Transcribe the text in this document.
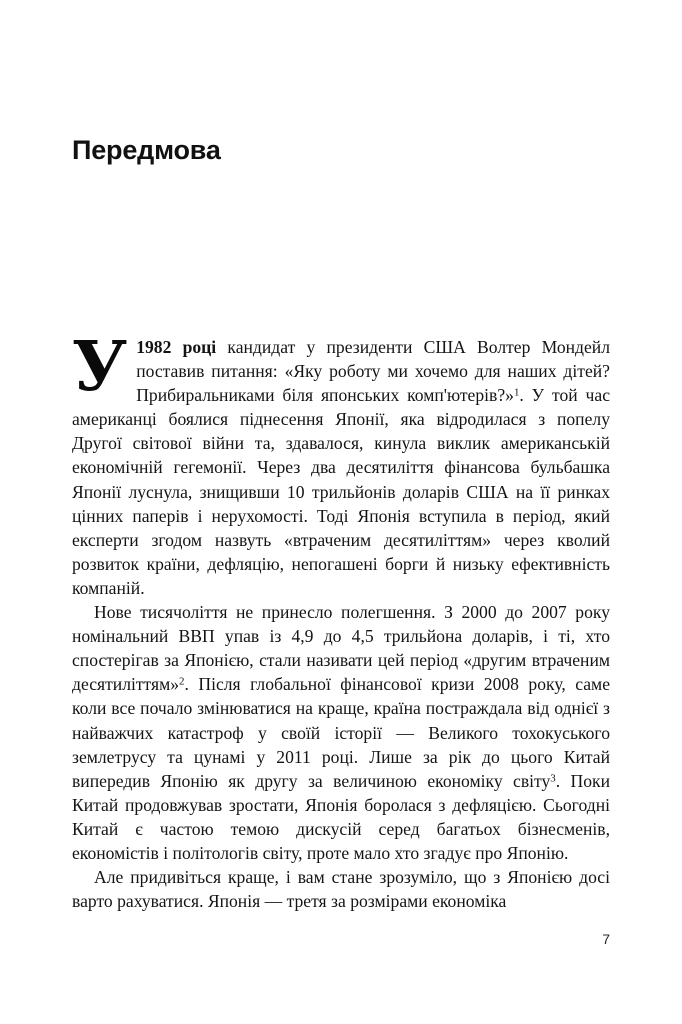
Передмова

У 1982 році кандидат у президенти США Волтер Мондейл поставив питання: «Яку роботу ми хочемо для наших дітей? Прибиральниками біля японських комп'ютерів?»$^1$. У той час американці боялися піднесення Японії, яка відродилася з попелу Другої світової війни та, здавалося, кинула виклик американській економічній гегемонії. Через два десятиліття фінансова бульбашка Японії луснула, знищивши 10 трильйонів доларів США на її ринках цінних паперів і нерухомості. Тоді Японія вступила в період, який експерти згодом назвуть «втраченим десятиліттям» через кволий розвиток країни, дефляцію, непогашені борги й низьку ефективність компаній.

Нове тисячоліття не принесло полегшення. З 2000 до 2007 року номінальний ВВП упав із 4,9 до 4,5 трильйона доларів, і ті, хто спостерігав за Японією, стали називати цей період «другим втраченим десятиліттям»$^2$. Після глобальної фінансової кризи 2008 року, саме коли все почало змінюватися на краще, країна постраждала від однієї з найважчих катастроф у своїй історії — Великого тохокуського землетрусу та цунамі у 2011 році. Лише за рік до цього Китай випередив Японію як другу за величиною економіку світу$^3$. Поки Китай продовжував зростати, Японія боролася з дефляцією. Сьогодні Китай є частою темою дискусій серед багатьох бізнесменів, економістів і політологів світу, проте мало хто згадує про Японію.

Але придивіться краще, і вам стане зрозуміло, що з Японією досі варто рахуватися. Японія — третя за розмірами економіка

7
